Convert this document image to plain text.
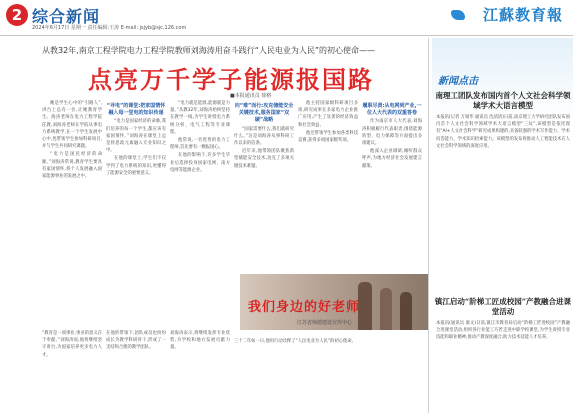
2 综合新闻
2024年6月17日 星期一 责任编辑:王涛 E-mail: jsjyb@sjc.126.com
江蘇教育報
从教32年,南京工程学院电力工程学院教师刘海涛用奋斗践行“人民电业为人民”的初心使命——
点亮万千学子能源报国路
■本报通讯员 徐格

她是学生心中的“引路人”,讲台上总有一位,让她教育学生。海涛老师在电力工程学院任教,刘海涛老师在学院从事电力系统教学,在一个学生发展中心中,也带领学生参加科研项目,并与学生共同研究课题。

“电力是国民经济的命脉。”刘海涛常说,教育学生要具有家国情怀,将个人发展融入国家能源事业的发展之中。

“寻电”的课堂:把家国情怀融入每一堂电的知识传递

“电力是国家经济的命脉,我们培养的每一个学生,都应该有家国情怀。”刘海涛在课堂上总是将思政元素融入专业知识之中。

在他的课堂上,学生们不仅学到了电力系统的知识,更懂得了能源安全的重要意义。

“电力就是能源,能源就是力量。”从教32年,刘海涛始终坚持在教学一线,为学生讲授电力系统分析、电气工程等专业课程。

他常说,一名优秀的电力工程师,首先要有一颗报国心。

在他的影响下,许多学生毕业后选择投身国家电网、南方电网等能源企业。

向“难”而行:攻克储能安全关键技术,服务国家“双碳”战略

“国家需要什么,我们就研究什么。”这是刘海涛从事科研工作以来的信条。

近年来,他带领团队聚焦新型储能安全技术,攻克了多项关键技术难题。

他主持国家级科研项目多项,研究成果在多家电力企业推广应用,产生了显著的经济效益和社会效益。

他还带领学生参加各类科技竞赛,获得多项国家级奖项。

履职尽责:从电网到产业,一位人大代表的双重答卷

作为南京市人大代表,刘海涛积极履行代表职责,围绕能源转型、电力保障等方面提出多项建议。

他深入企业调研,倾听群众呼声,为地方经济社会发展建言献策。

我们身边的好老师
江苏省师德建设宣传中心
“教育是一项事业,事业的意义在于奉献。”刘海涛说,他将继续坚守讲台,为国家培养更多电力人才。
在他的带领下,团队成员也纷纷成长为教学科研骨干,形成了一支结构合理的教学团队。
刘海涛表示,将继续发挥专业优势,为学校和地方发展贡献力量。
三十二年如一日,他用行动诠释了“人民电业为人民”的初心使命。
新闻点击
南理工团队发布国内首个人文社会科学领域学术大语言模型
本报讯(记者 万娟华 通讯员 沈清清)日前,南京理工大学研究团队发布国内首个人文社会科学领域学术大语言模型“三坟”,该模型是依托现有“AI+人文社会科学”研究成果构建的,具备较强的学术写作能力、学术问答能力、学术知识检索能力。该模型的发布将推动人工智能技术在人文社会科学领域的深度应用。
镇江启动“阶梯工匠成校园”产教融合进课堂活动
本报讯(通讯员 康文)日前,镇江市教育局启动“阶梯工匠进校园”产教融合进课堂活动,组织各行业能工巧匠走进中职学校课堂,为学生讲授专业技能和职业精神,推动产教深度融合,助力技术技能人才培养。
